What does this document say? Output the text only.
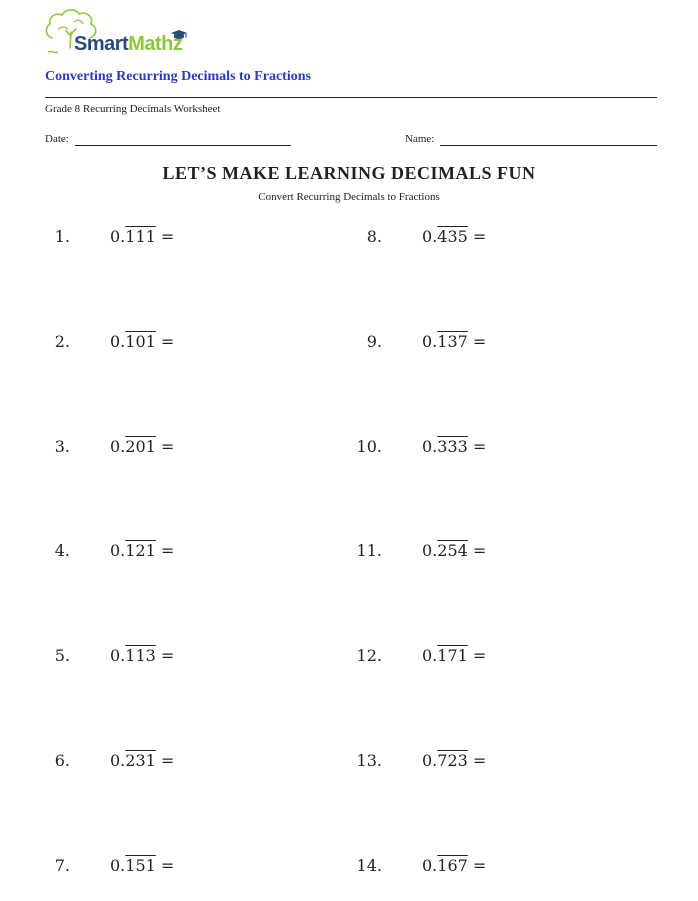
SmartMathz
Converting Recurring Decimals to Fractions
Grade 8 Recurring Decimals Worksheet
Date:	Name:
LET’S MAKE LEARNING DECIMALS FUN
Convert Recurring Decimals to Fractions
1.	0.111 =
2.	0.101 =
3.	0.201 =
4.	0.121 =
5.	0.113 =
6.	0.231 =
7.	0.151 =
8.	0.435 =
9.	0.137 =
10.	0.333 =
11.	0.254 =
12.	0.171 =
13.	0.723 =
14.	0.167 =
